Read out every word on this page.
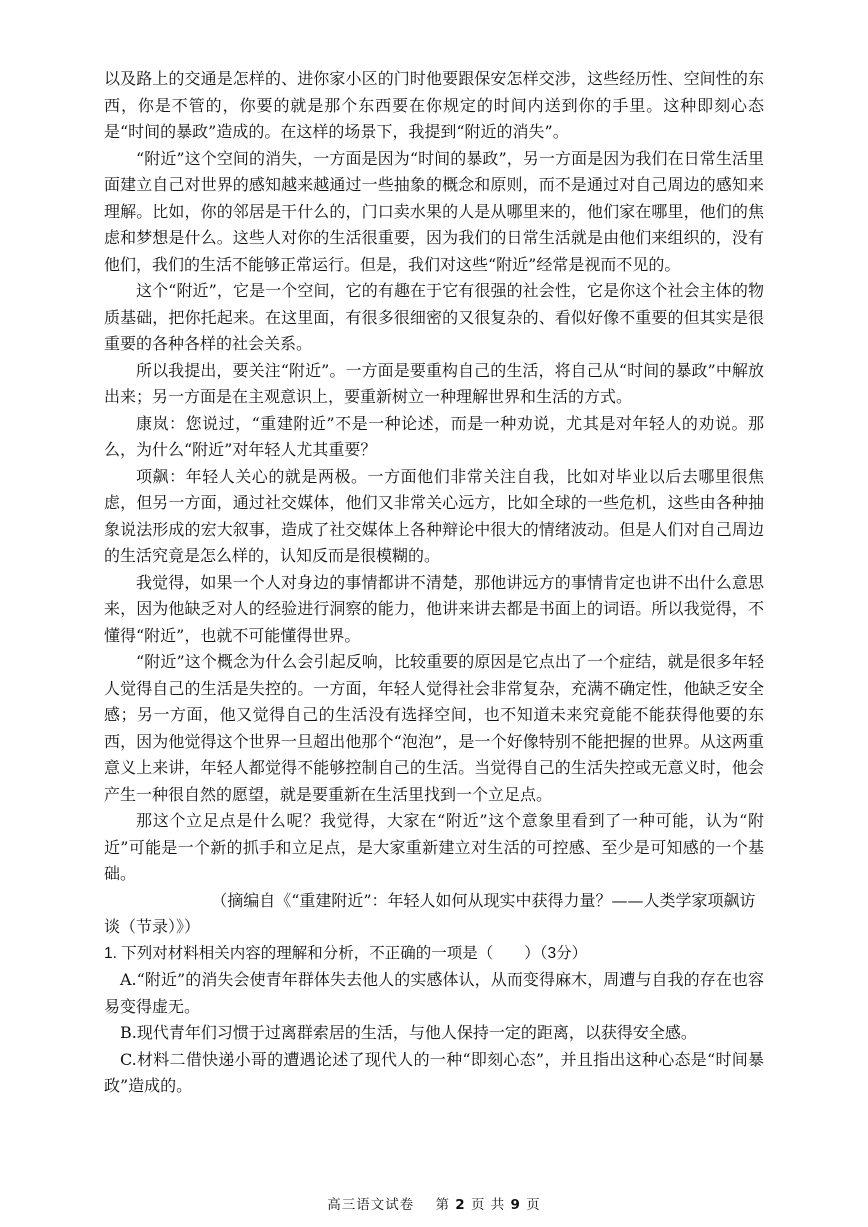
以及路上的交通是怎样的、进你家小区的门时他要跟保安怎样交涉，这些经历性、空间性的东西，你是不管的，你要的就是那个东西要在你规定的时间内送到你的手里。这种即刻心态是“时间的暴政”造成的。在这样的场景下，我提到“附近的消失”。

“附近”这个空间的消失，一方面是因为“时间的暴政”，另一方面是因为我们在日常生活里面建立自己对世界的感知越来越通过一些抽象的概念和原则，而不是通过对自己周边的感知来理解。比如，你的邻居是干什么的，门口卖水果的人是从哪里来的，他们家在哪里，他们的焦虑和梦想是什么。这些人对你的生活很重要，因为我们的日常生活就是由他们来组织的，没有他们，我们的生活不能够正常运行。但是，我们对这些“附近”经常是视而不见的。

这个“附近”，它是一个空间，它的有趣在于它有很强的社会性，它是你这个社会主体的物质基础，把你托起来。在这里面，有很多很细密的又很复杂的、看似好像不重要的但其实是很重要的各种各样的社会关系。

所以我提出，要关注“附近”。一方面是要重构自己的生活，将自己从“时间的暴政”中解放出来；另一方面是在主观意识上，要重新树立一种理解世界和生活的方式。

康岚：您说过，“重建附近”不是一种论述，而是一种劝说，尤其是对年轻人的劝说。那么，为什么“附近”对年轻人尤其重要？

项飙：年轻人关心的就是两极。一方面他们非常关注自我，比如对毕业以后去哪里很焦虑，但另一方面，通过社交媒体，他们又非常关心远方，比如全球的一些危机，这些由各种抽象说法形成的宏大叙事，造成了社交媒体上各种辩论中很大的情绪波动。但是人们对自己周边的生活究竟是怎么样的，认知反而是很模糊的。

我觉得，如果一个人对身边的事情都讲不清楚，那他讲远方的事情肯定也讲不出什么意思来，因为他缺乏对人的经验进行洞察的能力，他讲来讲去都是书面上的词语。所以我觉得，不懂得“附近”，也就不可能懂得世界。

“附近”这个概念为什么会引起反响，比较重要的原因是它点出了一个症结，就是很多年轻人觉得自己的生活是失控的。一方面，年轻人觉得社会非常复杂，充满不确定性，他缺乏安全感；另一方面，他又觉得自己的生活没有选择空间，也不知道未来究竟能不能获得他要的东西，因为他觉得这个世界一旦超出他那个“泡泡”，是一个好像特别不能把握的世界。从这两重意义上来讲，年轻人都觉得不能够控制自己的生活。当觉得自己的生活失控或无意义时，他会产生一种很自然的愿望，就是要重新在生活里找到一个立足点。

那这个立足点是什么呢？我觉得，大家在“附近”这个意象里看到了一种可能，认为“附近”可能是一个新的抓手和立足点，是大家重新建立对生活的可控感、至少是可知感的一个基础。

（摘编自《“重建附近”：年轻人如何从现实中获得力量？——人类学家项飙访谈（节录）》）

1. 下列对材料相关内容的理解和分析，不正确的一项是（　　）（3分）

A.“附近”的消失会使青年群体失去他人的实感体认，从而变得麻木，周遭与自我的存在也容易变得虚无。

B.现代青年们习惯于过离群索居的生活，与他人保持一定的距离，以获得安全感。

C.材料二借快递小哥的遭遇论述了现代人的一种“即刻心态”，并且指出这种心态是“时间暴政”造成的。

高三语文试卷 第 2 页 共 9 页
